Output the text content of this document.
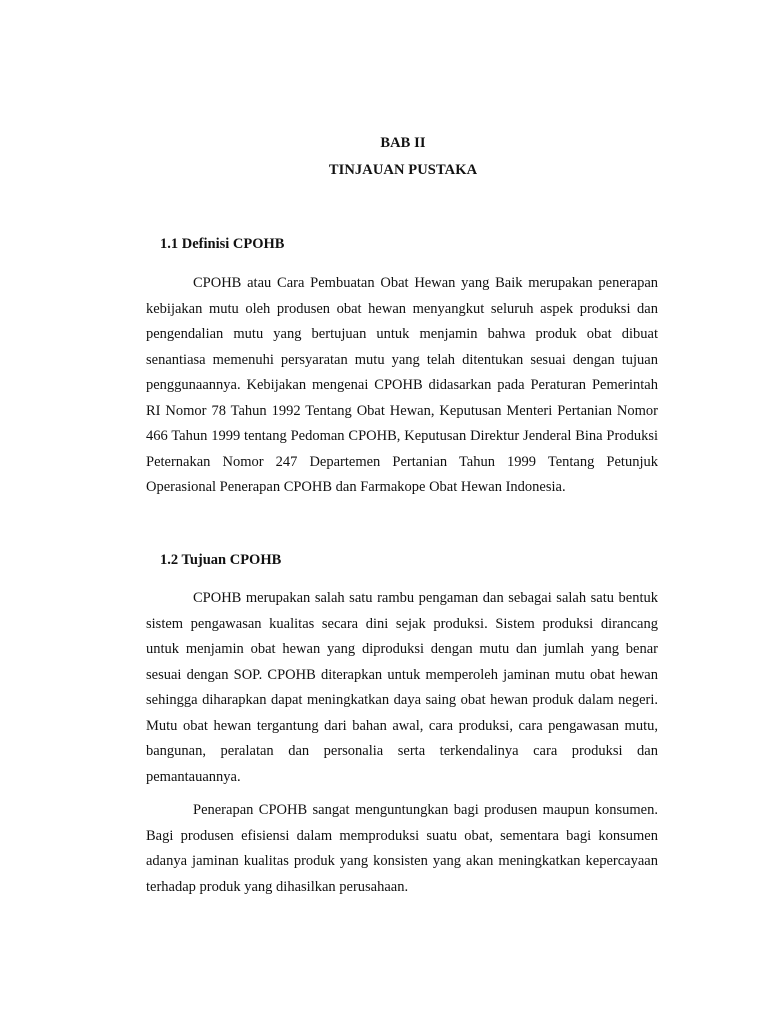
BAB II
TINJAUAN PUSTAKA
1.1 Definisi CPOHB

CPOHB atau Cara Pembuatan Obat Hewan yang Baik merupakan penerapan kebijakan mutu oleh produsen obat hewan menyangkut seluruh aspek produksi dan pengendalian mutu yang bertujuan untuk menjamin bahwa produk obat dibuat senantiasa memenuhi persyaratan mutu yang telah ditentukan sesuai dengan tujuan penggunaannya. Kebijakan mengenai CPOHB didasarkan pada Peraturan Pemerintah RI Nomor 78 Tahun 1992 Tentang Obat Hewan, Keputusan Menteri Pertanian Nomor 466 Tahun 1999 tentang Pedoman CPOHB, Keputusan Direktur Jenderal Bina Produksi Peternakan Nomor 247 Departemen Pertanian Tahun 1999 Tentang Petunjuk Operasional Penerapan CPOHB dan Farmakope Obat Hewan Indonesia.

1.2 Tujuan CPOHB

CPOHB merupakan salah satu rambu pengaman dan sebagai salah satu bentuk sistem pengawasan kualitas secara dini sejak produksi. Sistem produksi dirancang untuk menjamin obat hewan yang diproduksi dengan mutu dan jumlah yang benar sesuai dengan SOP. CPOHB diterapkan untuk memperoleh jaminan mutu obat hewan sehingga diharapkan dapat meningkatkan daya saing obat hewan produk dalam negeri. Mutu obat hewan tergantung dari bahan awal, cara produksi, cara pengawasan mutu, bangunan, peralatan dan personalia serta terkendalinya cara produksi dan pemantauannya.

Penerapan CPOHB sangat menguntungkan bagi produsen maupun konsumen. Bagi produsen efisiensi dalam memproduksi suatu obat, sementara bagi konsumen adanya jaminan kualitas produk yang konsisten yang akan meningkatkan kepercayaan terhadap produk yang dihasilkan perusahaan.
